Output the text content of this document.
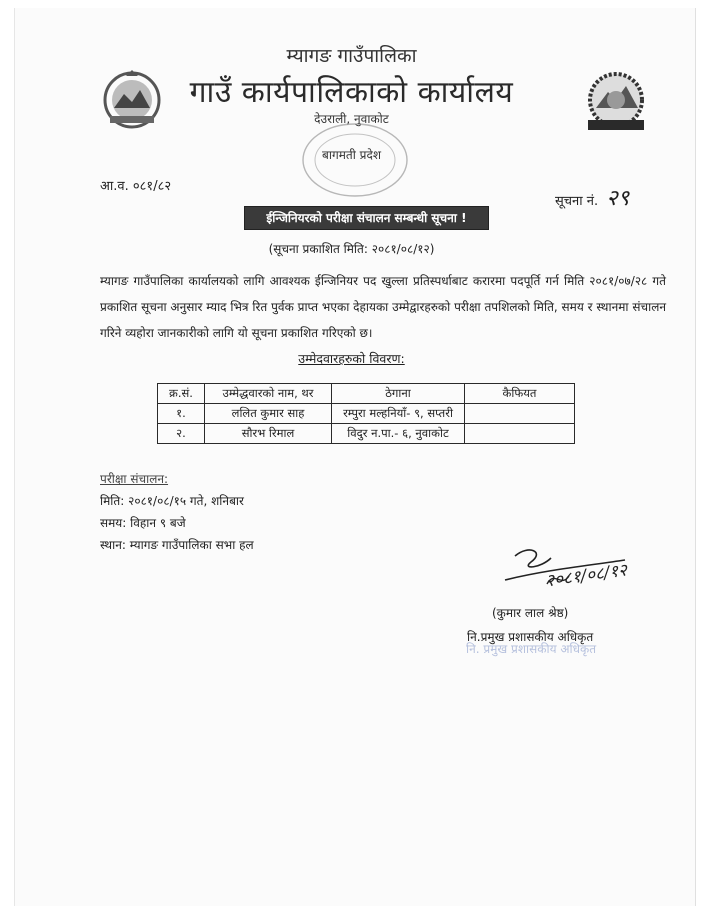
म्यागङ गाउँपालिका
गाउँ कार्यपालिकाको कार्यालय
देउराली, नुवाकोट
बागमती प्रदेश
आ.व. ०८१/८२
सूचना नं. २९
ईन्जिनियरको परीक्षा संचालन सम्बन्धी सूचना !
(सूचना प्रकाशित मिति: २०८१/०८/१२)
म्यागङ गाउँपालिका कार्यालयको लागि आवश्यक ईन्जिनियर पद खुल्ला प्रतिस्पर्धाबाट करारमा पदपूर्ति गर्न मिति २०८१/०७/२८ गते प्रकाशित सूचना अनुसार म्याद भित्र रित पुर्वक प्राप्त भएका देहायका उम्मेद्वारहरुको परीक्षा तपशिलको मिति, समय र स्थानमा संचालन गरिने व्यहोरा जानकारीको लागि यो सूचना प्रकाशित गरिएको छ।
उम्मेदवारहरुको विवरण:
क्र.सं.	उम्मेद्धवारको नाम, थर	ठेगाना	कैफियत
१.	ललित कुमार साह	रम्पुरा मल्हनियाँ- ९, सप्तरी	
२.	सौरभ रिमाल	विदुर न.पा.- ६, नुवाकोट	
परीक्षा संचालन:
मिति: २०८१/०८/१५ गते, शनिबार
समय: विहान ९ बजे
स्थान: म्यागङ गाउँपालिका सभा हल
२०८१/०८/१२
(कुमार लाल श्रेष्ठ)
नि.प्रमुख प्रशासकीय अधिकृत
नि. प्रमुख प्रशासकीय अधिकृत
